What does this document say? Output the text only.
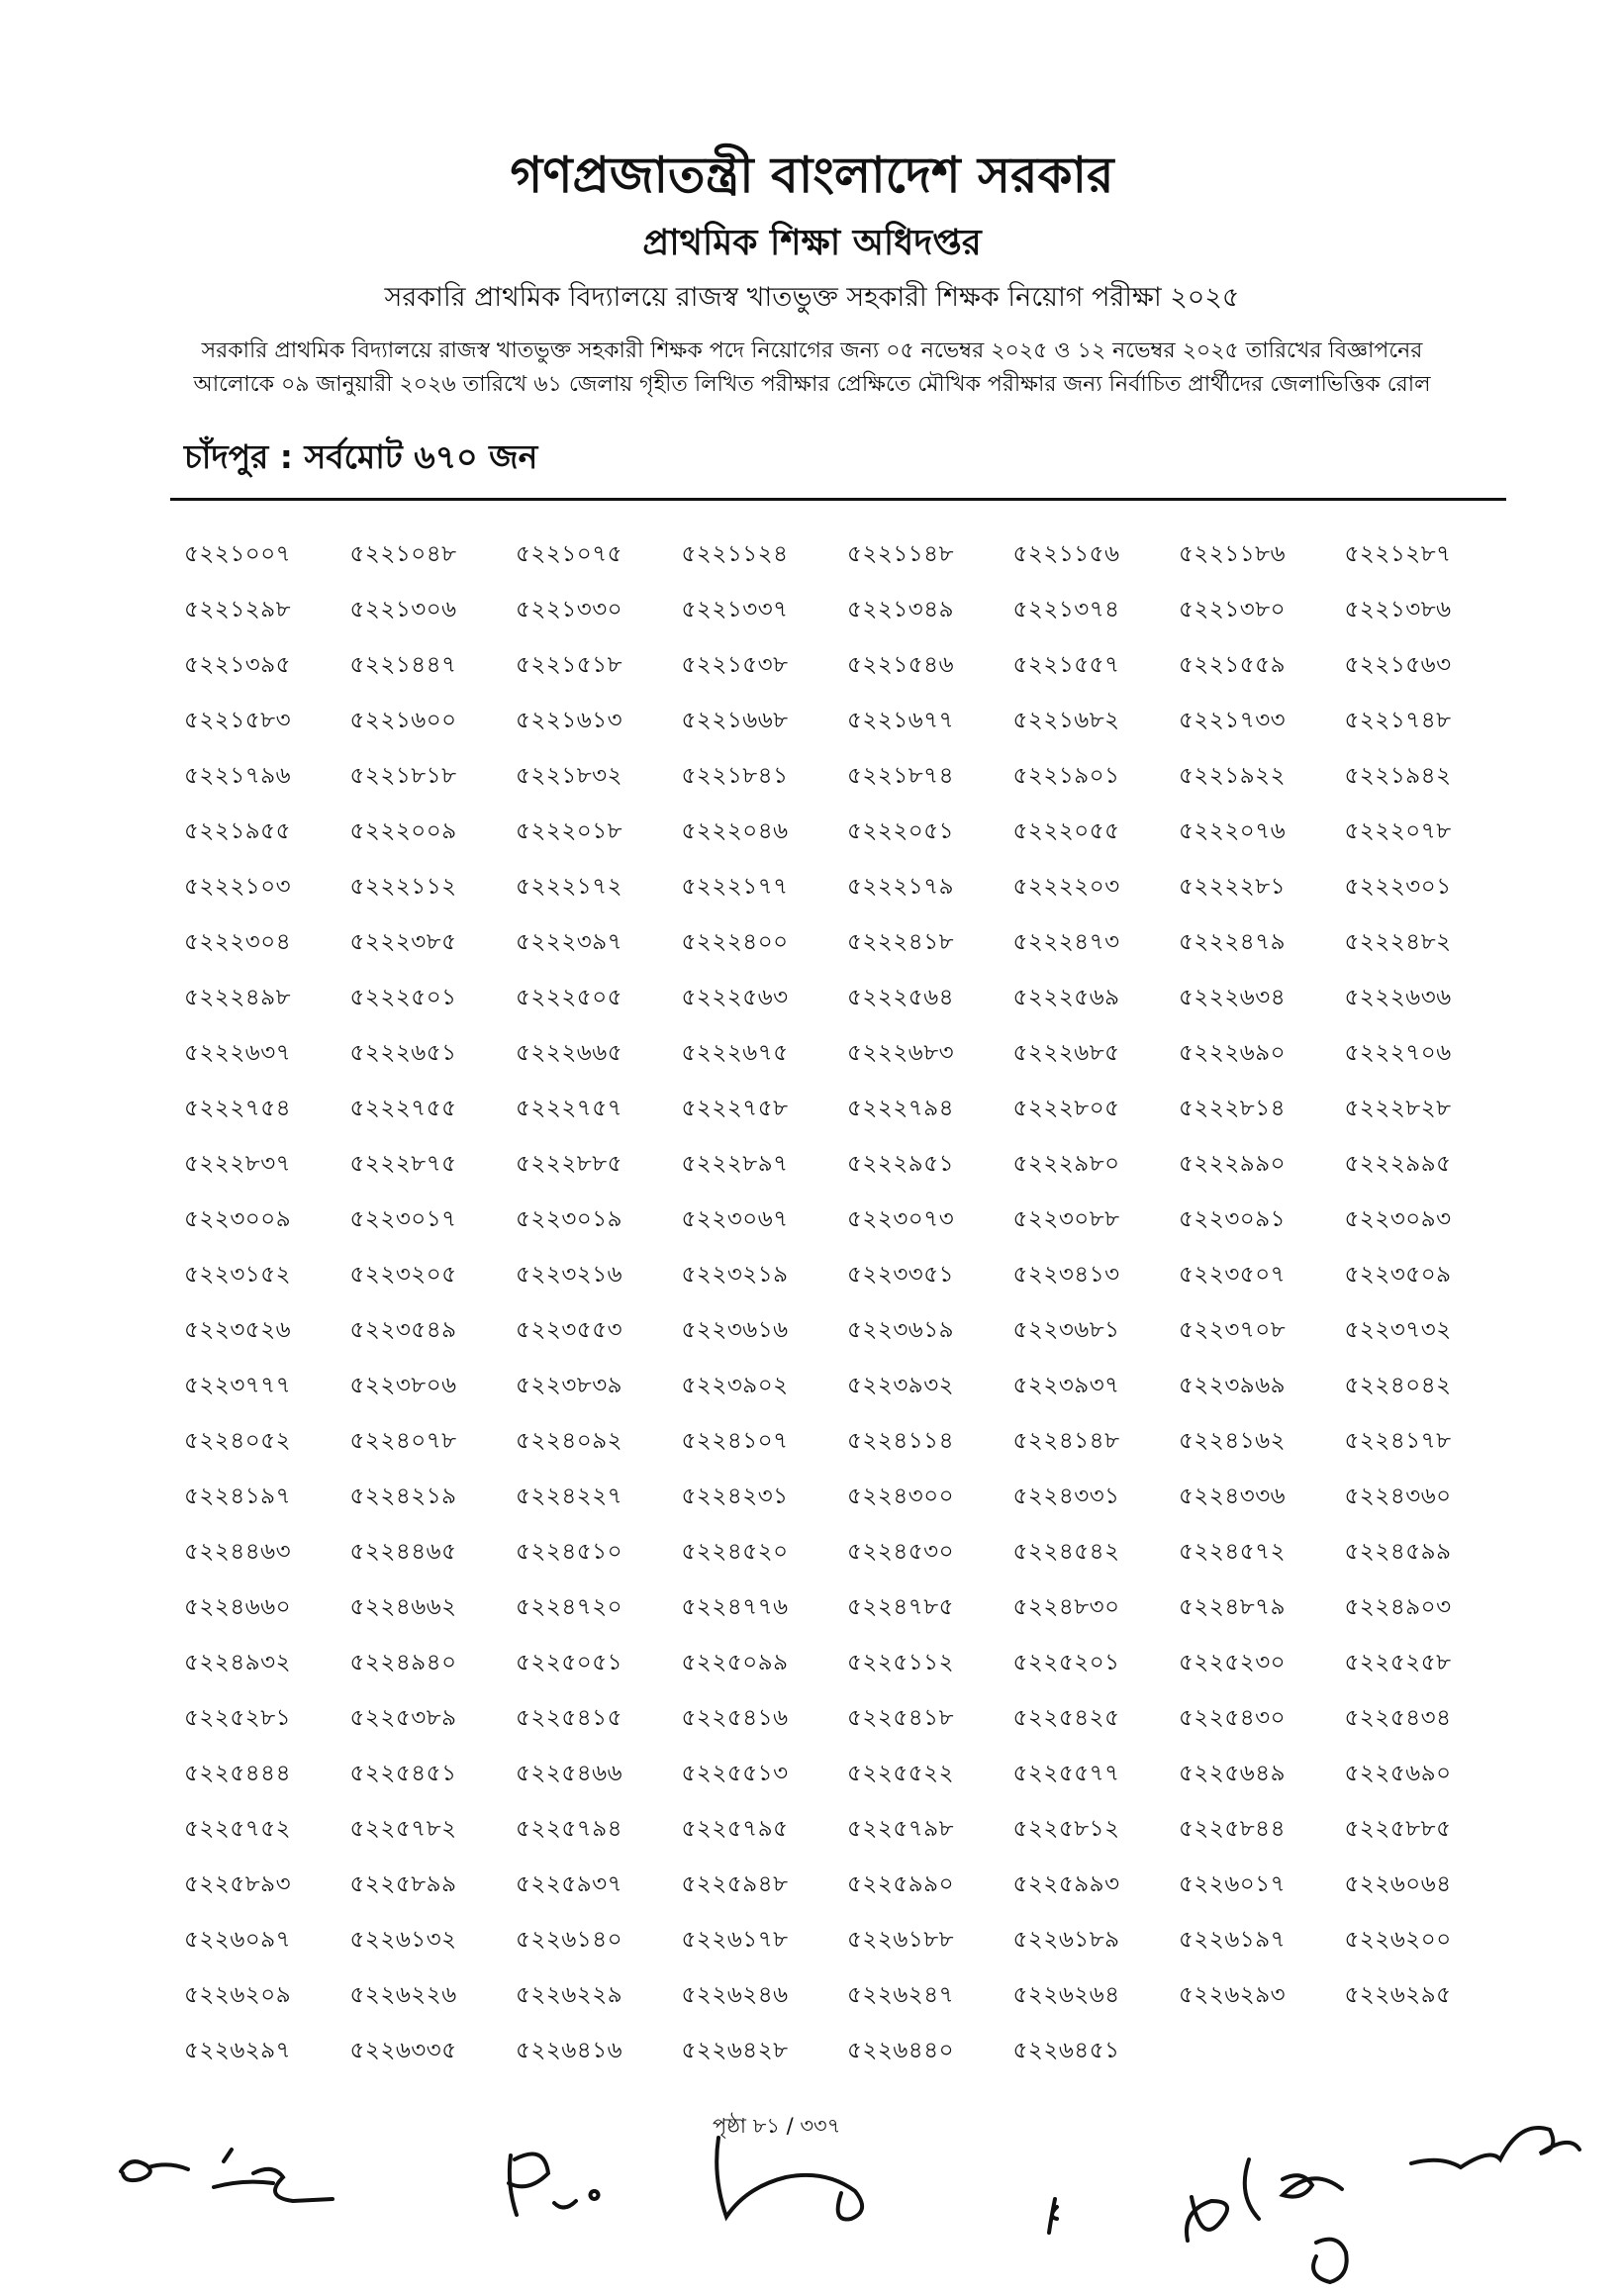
গণপ্রজাতন্ত্রী বাংলাদেশ সরকার
প্রাথমিক শিক্ষা অধিদপ্তর
সরকারি প্রাথমিক বিদ্যালয়ে রাজস্ব খাতভুক্ত সহকারী শিক্ষক নিয়োগ পরীক্ষা ২০২৫
সরকারি প্রাথমিক বিদ্যালয়ে রাজস্ব খাতভুক্ত সহকারী শিক্ষক পদে নিয়োগের জন্য ০৫ নভেম্বর ২০২৫ ও ১২ নভেম্বর ২০২৫ তারিখের বিজ্ঞাপনের
আলোকে ০৯ জানুয়ারী ২০২৬ তারিখে ৬১ জেলায় গৃহীত লিখিত পরীক্ষার প্রেক্ষিতে মৌখিক পরীক্ষার জন্য নির্বাচিত প্রার্থীদের জেলাভিত্তিক রোল
চাঁদপুর : সর্বমোট ৬৭০ জন
৫২২১০০৭	৫২২১০৪৮	৫২২১০৭৫	৫২২১১২৪	৫২২১১৪৮	৫২২১১৫৬	৫২২১১৮৬	৫২২১২৮৭
৫২২১২৯৮	৫২২১৩০৬	৫২২১৩৩০	৫২২১৩৩৭	৫২২১৩৪৯	৫২২১৩৭৪	৫২২১৩৮০	৫২২১৩৮৬
৫২২১৩৯৫	৫২২১৪৪৭	৫২২১৫১৮	৫২২১৫৩৮	৫২২১৫৪৬	৫২২১৫৫৭	৫২২১৫৫৯	৫২২১৫৬৩
৫২২১৫৮৩	৫২২১৬০০	৫২২১৬১৩	৫২২১৬৬৮	৫২২১৬৭৭	৫২২১৬৮২	৫২২১৭৩৩	৫২২১৭৪৮
৫২২১৭৯৬	৫২২১৮১৮	৫২২১৮৩২	৫২২১৮৪১	৫২২১৮৭৪	৫২২১৯০১	৫২২১৯২২	৫২২১৯৪২
৫২২১৯৫৫	৫২২২০০৯	৫২২২০১৮	৫২২২০৪৬	৫২২২০৫১	৫২২২০৫৫	৫২২২০৭৬	৫২২২০৭৮
৫২২২১০৩	৫২২২১১২	৫২২২১৭২	৫২২২১৭৭	৫২২২১৭৯	৫২২২২০৩	৫২২২২৮১	৫২২২৩০১
৫২২২৩০৪	৫২২২৩৮৫	৫২২২৩৯৭	৫২২২৪০০	৫২২২৪১৮	৫২২২৪৭৩	৫২২২৪৭৯	৫২২২৪৮২
৫২২২৪৯৮	৫২২২৫০১	৫২২২৫০৫	৫২২২৫৬৩	৫২২২৫৬৪	৫২২২৫৬৯	৫২২২৬৩৪	৫২২২৬৩৬
৫২২২৬৩৭	৫২২২৬৫১	৫২২২৬৬৫	৫২২২৬৭৫	৫২২২৬৮৩	৫২২২৬৮৫	৫২২২৬৯০	৫২২২৭০৬
৫২২২৭৫৪	৫২২২৭৫৫	৫২২২৭৫৭	৫২২২৭৫৮	৫২২২৭৯৪	৫২২২৮০৫	৫২২২৮১৪	৫২২২৮২৮
৫২২২৮৩৭	৫২২২৮৭৫	৫২২২৮৮৫	৫২২২৮৯৭	৫২২২৯৫১	৫২২২৯৮০	৫২২২৯৯০	৫২২২৯৯৫
৫২২৩০০৯	৫২২৩০১৭	৫২২৩০১৯	৫২২৩০৬৭	৫২২৩০৭৩	৫২২৩০৮৮	৫২২৩০৯১	৫২২৩০৯৩
৫২২৩১৫২	৫২২৩২০৫	৫২২৩২১৬	৫২২৩২১৯	৫২২৩৩৫১	৫২২৩৪১৩	৫২২৩৫০৭	৫২২৩৫০৯
৫২২৩৫২৬	৫২২৩৫৪৯	৫২২৩৫৫৩	৫২২৩৬১৬	৫২২৩৬১৯	৫২২৩৬৮১	৫২২৩৭০৮	৫২২৩৭৩২
৫২২৩৭৭৭	৫২২৩৮০৬	৫২২৩৮৩৯	৫২২৩৯০২	৫২২৩৯৩২	৫২২৩৯৩৭	৫২২৩৯৬৯	৫২২৪০৪২
৫২২৪০৫২	৫২২৪০৭৮	৫২২৪০৯২	৫২২৪১০৭	৫২২৪১১৪	৫২২৪১৪৮	৫২২৪১৬২	৫২২৪১৭৮
৫২২৪১৯৭	৫২২৪২১৯	৫২২৪২২৭	৫২২৪২৩১	৫২২৪৩০০	৫২২৪৩৩১	৫২২৪৩৩৬	৫২২৪৩৬০
৫২২৪৪৬৩	৫২২৪৪৬৫	৫২২৪৫১০	৫২২৪৫২০	৫২২৪৫৩০	৫২২৪৫৪২	৫২২৪৫৭২	৫২২৪৫৯৯
৫২২৪৬৬০	৫২২৪৬৬২	৫২২৪৭২০	৫২২৪৭৭৬	৫২২৪৭৮৫	৫২২৪৮৩০	৫২২৪৮৭৯	৫২২৪৯০৩
৫২২৪৯৩২	৫২২৪৯৪০	৫২২৫০৫১	৫২২৫০৯৯	৫২২৫১১২	৫২২৫২০১	৫২২৫২৩০	৫২২৫২৫৮
৫২২৫২৮১	৫২২৫৩৮৯	৫২২৫৪১৫	৫২২৫৪১৬	৫২২৫৪১৮	৫২২৫৪২৫	৫২২৫৪৩০	৫২২৫৪৩৪
৫২২৫৪৪৪	৫২২৫৪৫১	৫২২৫৪৬৬	৫২২৫৫১৩	৫২২৫৫২২	৫২২৫৫৭৭	৫২২৫৬৪৯	৫২২৫৬৯০
৫২২৫৭৫২	৫২২৫৭৮২	৫২২৫৭৯৪	৫২২৫৭৯৫	৫২২৫৭৯৮	৫২২৫৮১২	৫২২৫৮৪৪	৫২২৫৮৮৫
৫২২৫৮৯৩	৫২২৫৮৯৯	৫২২৫৯৩৭	৫২২৫৯৪৮	৫২২৫৯৯০	৫২২৫৯৯৩	৫২২৬০১৭	৫২২৬০৬৪
৫২২৬০৯৭	৫২২৬১৩২	৫২২৬১৪০	৫২২৬১৭৮	৫২২৬১৮৮	৫২২৬১৮৯	৫২২৬১৯৭	৫২২৬২০০
৫২২৬২০৯	৫২২৬২২৬	৫২২৬২২৯	৫২২৬২৪৬	৫২২৬২৪৭	৫২২৬২৬৪	৫২২৬২৯৩	৫২২৬২৯৫
৫২২৬২৯৭	৫২২৬৩৩৫	৫২২৬৪১৬	৫২২৬৪২৮	৫২২৬৪৪০	৫২২৬৪৫১
পৃষ্ঠা ৮১ / ৩৩৭
